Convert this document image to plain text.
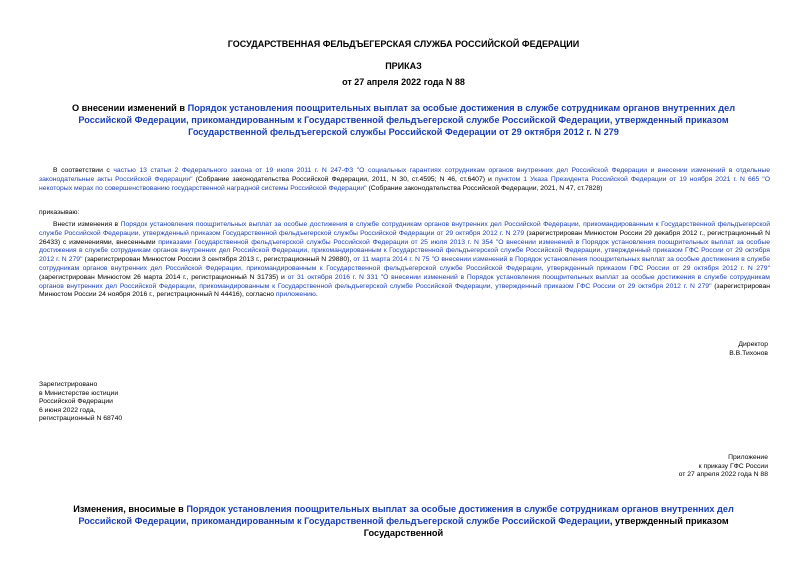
ГОСУДАРСТВЕННАЯ ФЕЛЬДЪЕГЕРСКАЯ СЛУЖБА РОССИЙСКОЙ ФЕДЕРАЦИИ
ПРИКАЗ
от 27 апреля 2022 года N 88
О внесении изменений в Порядок установления поощрительных выплат за особые достижения в службе сотрудникам органов внутренних дел Российской Федерации, прикомандированным к Государственной фельдъегерской службе Российской Федерации, утвержденный приказом Государственной фельдъегерской службы Российской Федерации от 29 октября 2012 г. N 279
В соответствии с частью 13 статьи 2 Федерального закона от 19 июля 2011 г. N 247-ФЗ "О социальных гарантиях сотрудникам органов внутренних дел Российской Федерации и внесении изменений в отдельные законодательные акты Российской Федерации" (Собрание законодательства Российской Федерации, 2011, N 30, ст.4595; N 46, ст.6407) и пунктом 1 Указа Президента Российской Федерации от 19 ноября 2021 г. N 665 "О некоторых мерах по совершенствованию государственной наградной системы Российской Федерации" (Собрание законодательства Российской Федерации, 2021, N 47, ст.7828)
приказываю:
Внести изменения в Порядок установления поощрительных выплат за особые достижения в службе сотрудникам органов внутренних дел Российской Федерации, прикомандированным к Государственной фельдъегерской службе Российской Федерации, утвержденный приказом Государственной фельдъегерской службы Российской Федерации от 29 октября 2012 г. N 279 (зарегистрирован Минюстом России 29 декабря 2012 г., регистрационный N 26433) с изменениями, внесенными приказами Государственной фельдъегерской службы Российской Федерации от 25 июля 2013 г. N 354 "О внесении изменений в Порядок установления поощрительных выплат за особые достижения в службе сотрудникам органов внутренних дел Российской Федерации, прикомандированным к Государственной фельдъегерской службе Российской Федерации, утвержденный приказом ГФС России от 29 октября 2012 г. N 279" (зарегистрирован Минюстом России 3 сентября 2013 г., регистрационный N 29880), от 11 марта 2014 г. N 75 "О внесении изменений в Порядок установления поощрительных выплат за особые достижения в службе сотрудникам органов внутренних дел Российской Федерации, прикомандированным к Государственной фельдъегерской службе Российской Федерации, утвержденный приказом ГФС России от 29 октября 2012 г. N 279" (зарегистрирован Минюстом 26 марта 2014 г., регистрационный N 31735) и от 31 октября 2016 г. N 331 "О внесении изменений в Порядок установления поощрительных выплат за особые достижения в службе сотрудникам органов внутренних дел Российской Федерации, прикомандированным к Государственной фельдъегерской службе Российской Федерации, утвержденный приказом ГФС России от 29 октября 2012 г. N 279" (зарегистрирован Минюстом России 24 ноября 2016 г., регистрационный N 44416), согласно приложению.
Директор
В.В.Тихонов
Зарегистрировано
в Министерстве юстиции
Российской Федерации
6 июня 2022 года,
регистрационный N 68740
Приложение
к приказу ГФС России
от 27 апреля 2022 года N 88
Изменения, вносимые в Порядок установления поощрительных выплат за особые достижения в службе сотрудникам органов внутренних дел Российской Федерации, прикомандированным к Государственной фельдъегерской службе Российской Федерации, утвержденный приказом Государственной
